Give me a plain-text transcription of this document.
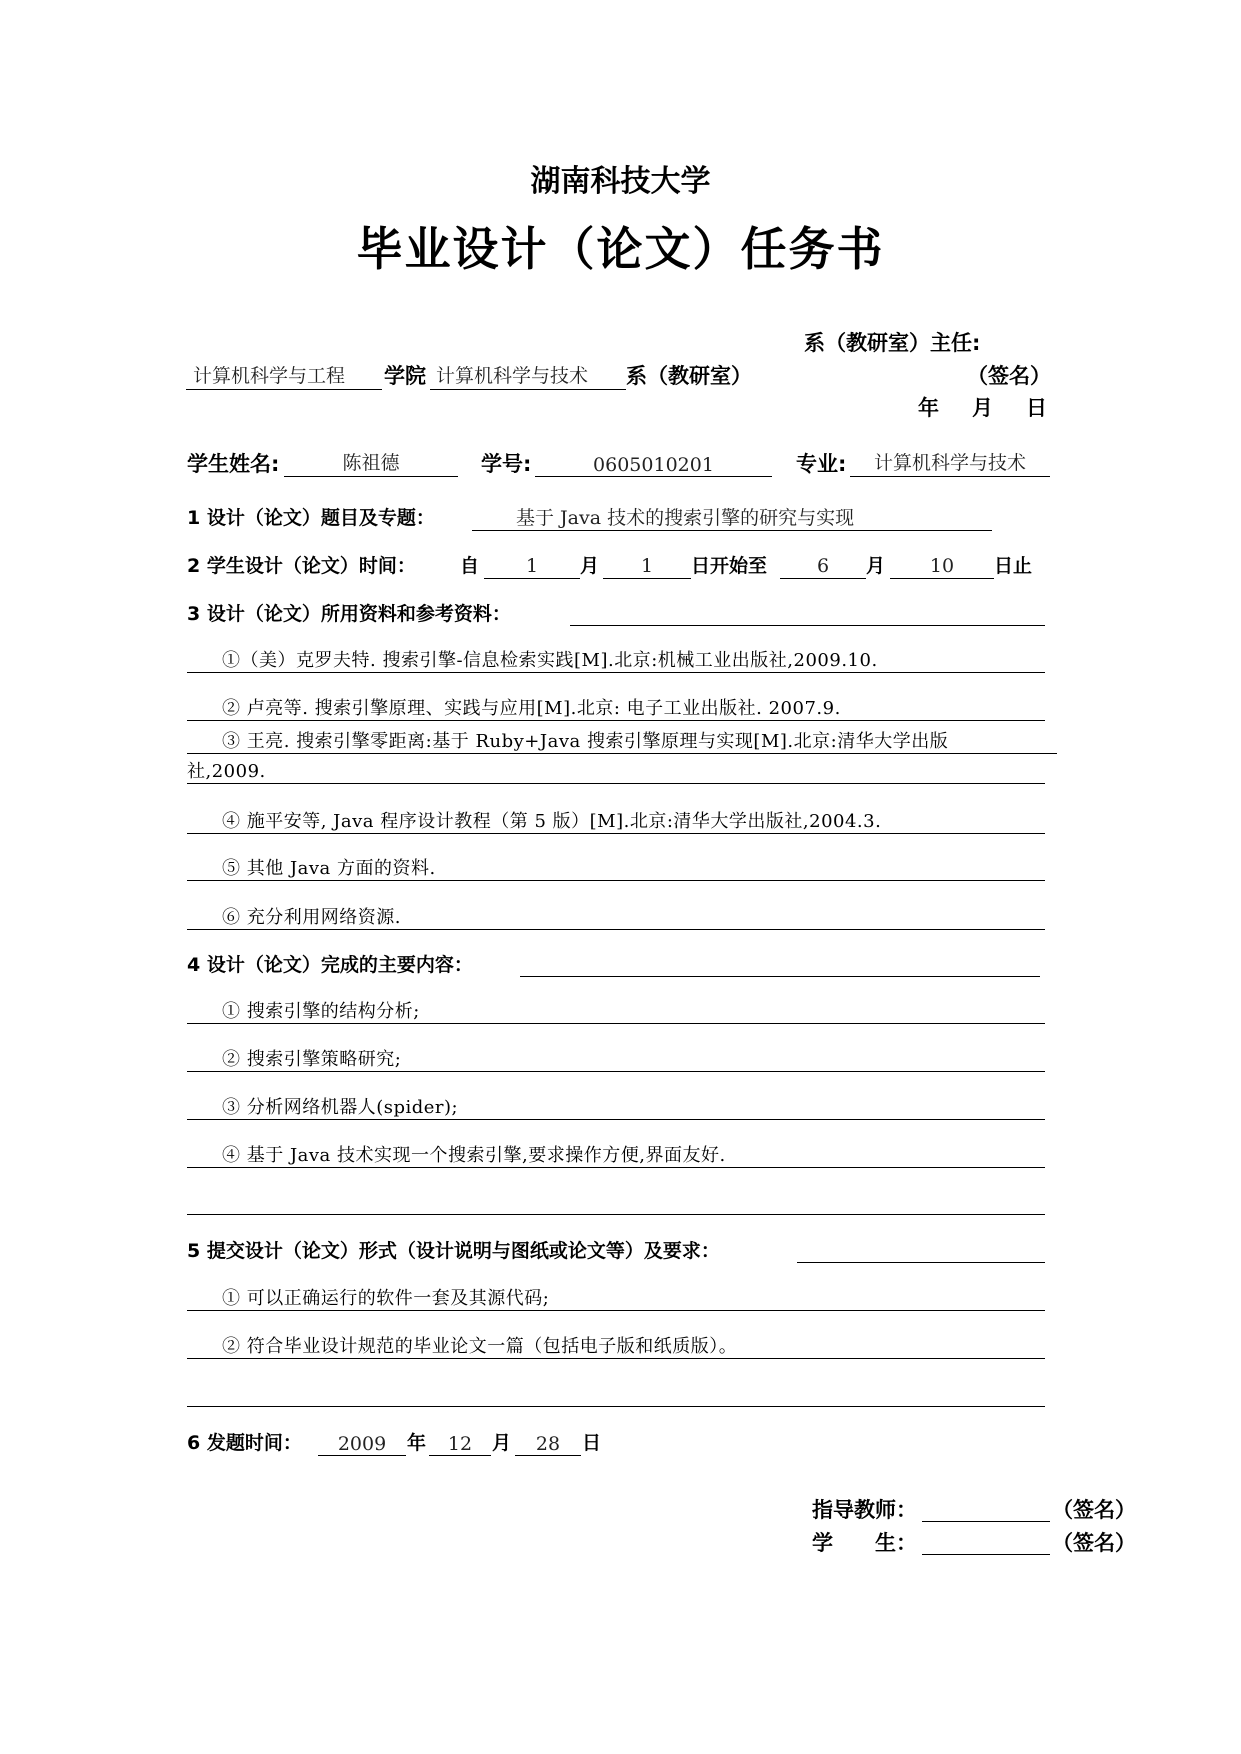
湖南科技大学
毕业设计（论文）任务书
系（教研室）主任:
计算机科学与工程	学院 计算机科学与技术	系（教研室）	（签名）
年 月 日
学生姓名:	陈祖德	学号:	0605010201	专业:	计算机科学与技术
1 设计（论文）题目及专题：	基于 Java 技术的搜索引擎的研究与实现
2 学生设计（论文）时间： 自	1	月	1	日开始至	6	月	10	日止
3 设计（论文）所用资料和参考资料：
①（美）克罗夫特. 搜索引擎-信息检索实践[M].北京:机械工业出版社,2009.10.
② 卢亮等. 搜索引擎原理、实践与应用[M].北京: 电子工业出版社. 2007.9.
③ 王亮. 搜索引擎零距离:基于 Ruby+Java 搜索引擎原理与实现[M].北京:清华大学出版
社,2009.
④ 施平安等, Java 程序设计教程（第 5 版）[M].北京:清华大学出版社,2004.3.
⑤ 其他 Java 方面的资料.
⑥ 充分利用网络资源.
4 设计（论文）完成的主要内容：
① 搜索引擎的结构分析;
② 搜索引擎策略研究;
③ 分析网络机器人(spider);
④ 基于 Java 技术实现一个搜索引擎,要求操作方便,界面友好.
5 提交设计（论文）形式（设计说明与图纸或论文等）及要求：
① 可以正确运行的软件一套及其源代码;
② 符合毕业设计规范的毕业论文一篇（包括电子版和纸质版）。
6 发题时间：	2009	年	12	月	28	日
指导教师：	（签名）
学　　生：	（签名）
